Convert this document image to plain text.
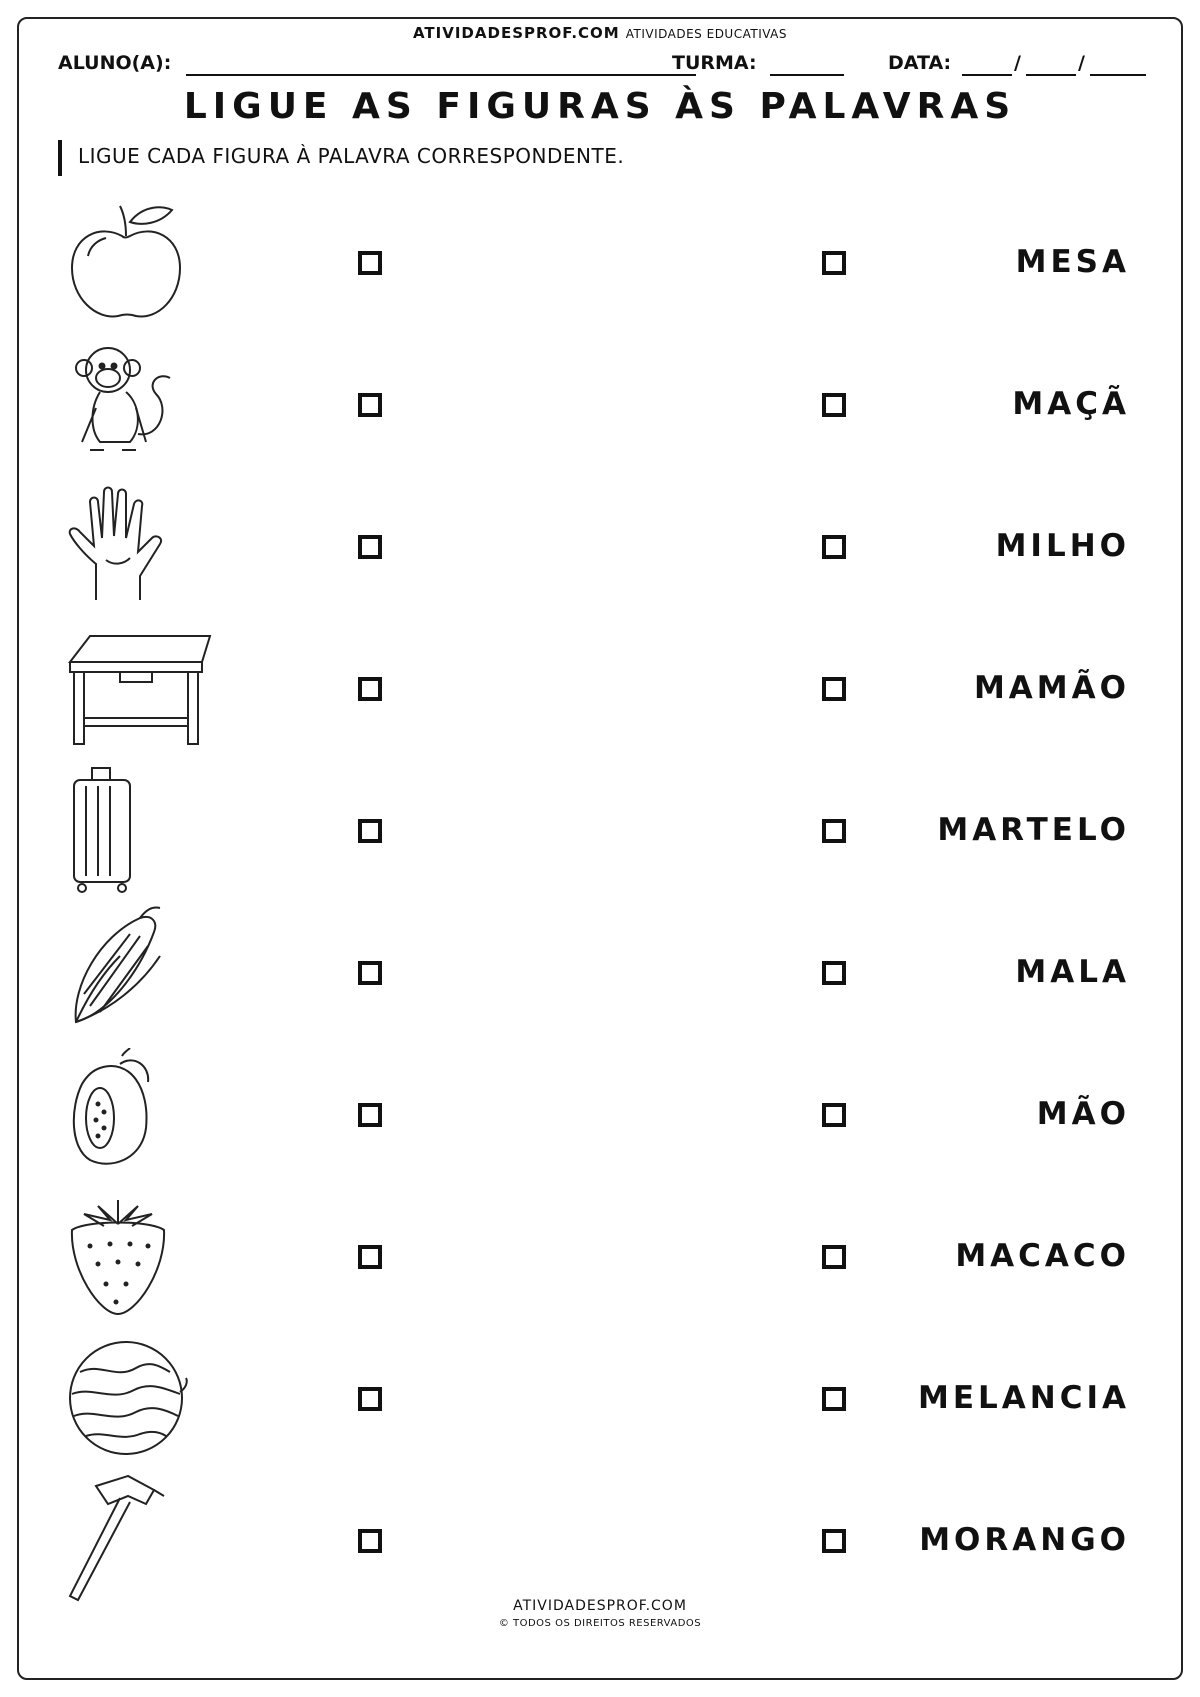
ATIVIDADESPROF.COM ATIVIDADES EDUCATIVAS
ALUNO(A):	TURMA:	DATA:	/	/
LIGUE AS FIGURAS ÀS PALAVRAS
LIGUE CADA FIGURA À PALAVRA CORRESPONDENTE.
MESA
MAÇÃ
MILHO
MAMÃO
MARTELO
MALA
MÃO
MACACO
MELANCIA
MORANGO
ATIVIDADESPROF.COM
© TODOS OS DIREITOS RESERVADOS
